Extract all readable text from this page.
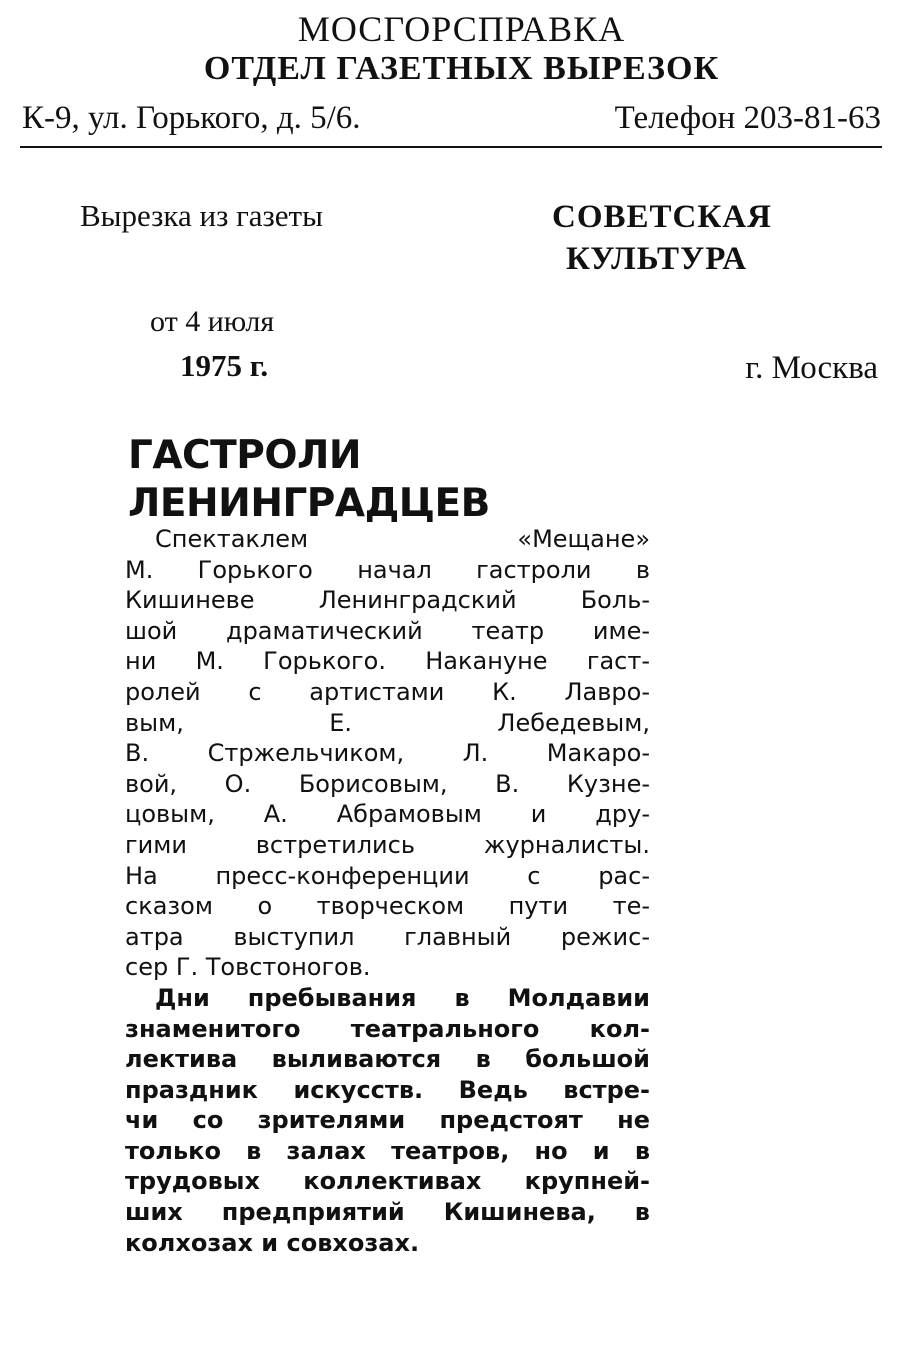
МОСГОРСПРАВКА
ОТДЕЛ ГАЗЕТНЫХ ВЫРЕЗОК
К-9, ул. Горького, д. 5/6.	Телефон 203-81-63
Вырезка из газеты	СОВЕТСКАЯ
КУЛЬТУРА
от 4 июля
1975 г.	г. Москва
ГАСТРОЛИ
ЛЕНИНГРАДЦЕВ
Спектаклем «Мещане»
М. Горького начал гастроли в
Кишиневе Ленинградский Боль-
шой драматический театр име-
ни М. Горького. Накануне гаст-
ролей с артистами К. Лавро-
вым, Е. Лебедевым,
В. Стржельчиком, Л. Макаро-
вой, О. Борисовым, В. Кузне-
цовым, А. Абрамовым и дру-
гими встретились журналисты.
На пресс-конференции с рас-
сказом о творческом пути те-
атра выступил главный режис-
сер Г. Товстоногов.
Дни пребывания в Молдавии
знаменитого театрального кол-
лектива выливаются в большой
праздник искусств. Ведь встре-
чи со зрителями предстоят не
только в залах театров, но и в
трудовых коллективах крупней-
ших предприятий Кишинева, в
колхозах и совхозах.
